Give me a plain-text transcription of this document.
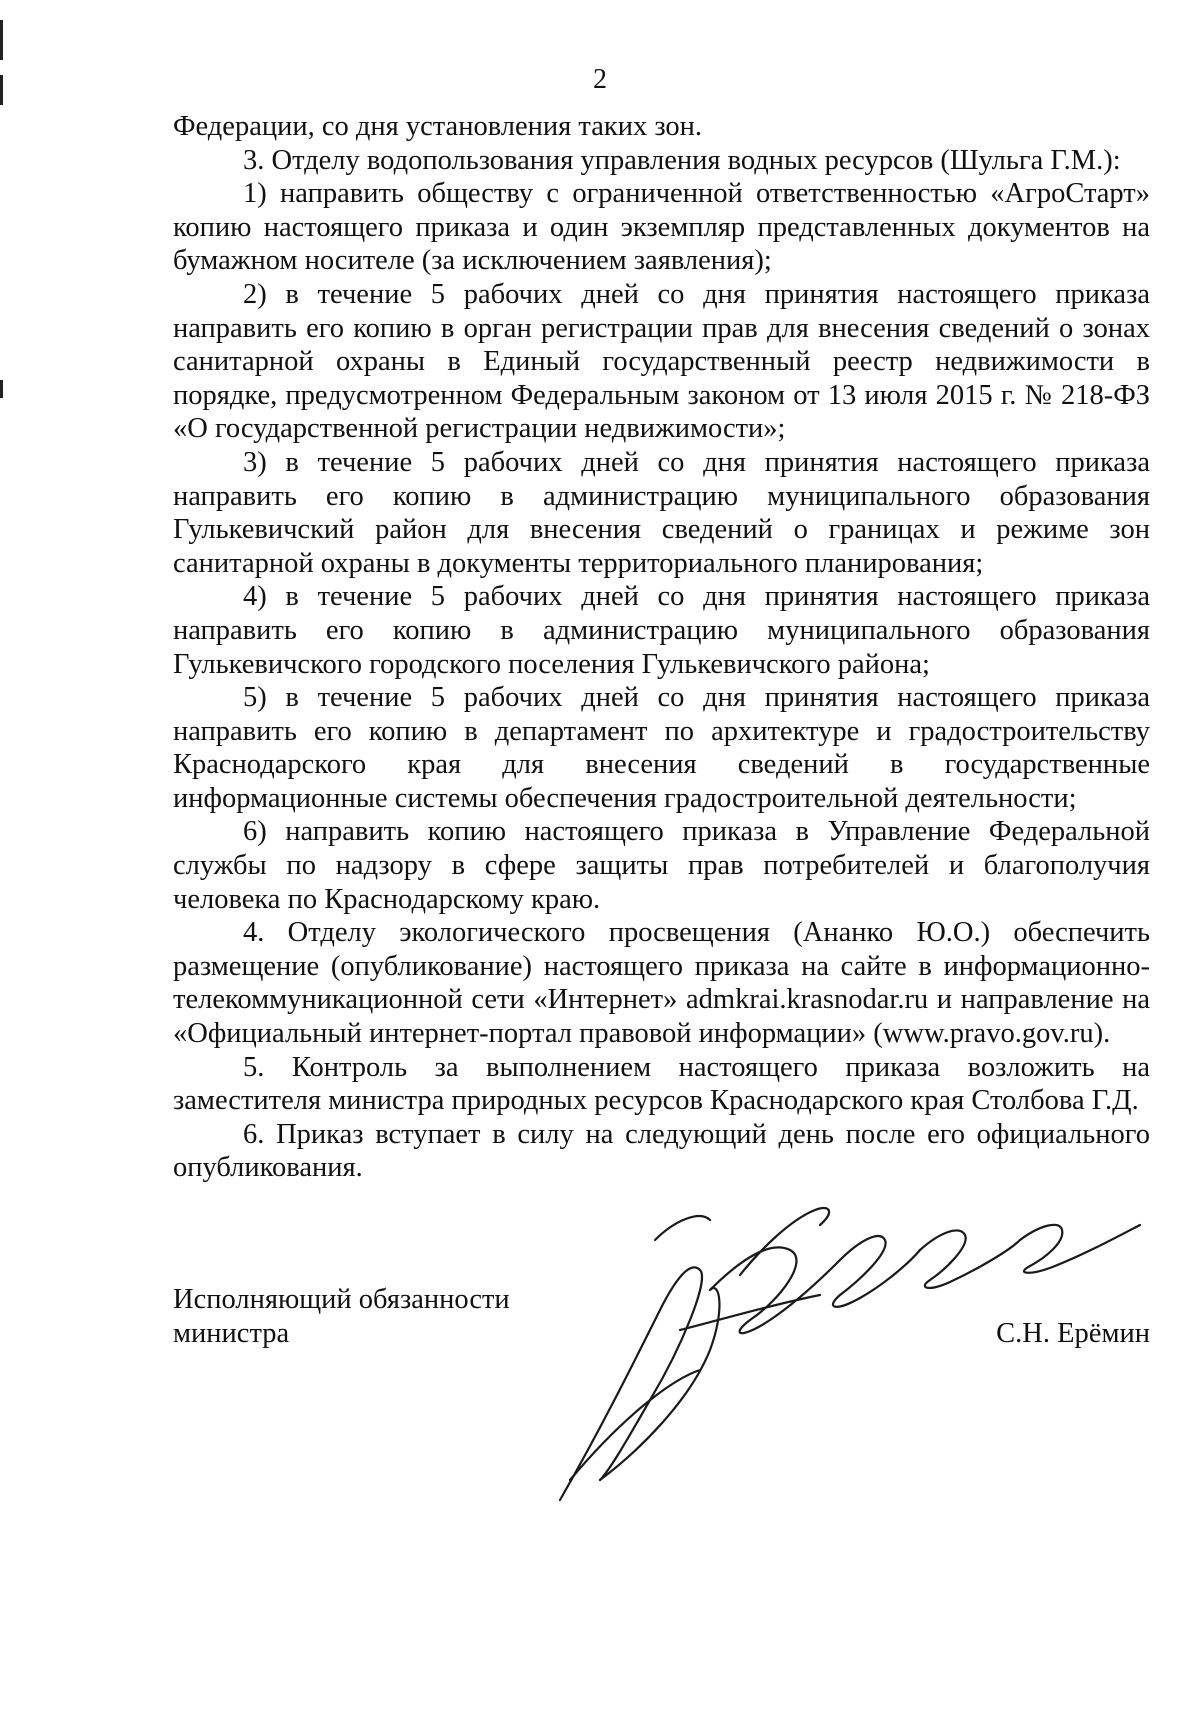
2

Федерации, со дня установления таких зон.

3. Отделу водопользования управления водных ресурсов (Шульга Г.М.):

1) направить обществу с ограниченной ответственностью «АгроСтарт» копию настоящего приказа и один экземпляр представленных документов на бумажном носителе (за исключением заявления);

2) в течение 5 рабочих дней со дня принятия настоящего приказа направить его копию в орган регистрации прав для внесения сведений о зонах санитарной охраны в Единый государственный реестр недвижимости в порядке, предусмотренном Федеральным законом от 13 июля 2015 г. № 218-ФЗ «О государственной регистрации недвижимости»;

3) в течение 5 рабочих дней со дня принятия настоящего приказа направить его копию в администрацию муниципального образования Гулькевичский район для внесения сведений о границах и режиме зон санитарной охраны в документы территориального планирования;

4) в течение 5 рабочих дней со дня принятия настоящего приказа направить его копию в администрацию муниципального образования Гулькевичского городского поселения Гулькевичского района;

5) в течение 5 рабочих дней со дня принятия настоящего приказа направить его копию в департамент по архитектуре и градостроительству Краснодарского края для внесения сведений в государственные информационные системы обеспечения градостроительной деятельности;

6) направить копию настоящего приказа в Управление Федеральной службы по надзору в сфере защиты прав потребителей и благополучия человека по Краснодарскому краю.

4. Отделу экологического просвещения (Ананко Ю.О.) обеспечить размещение (опубликование) настоящего приказа на сайте в информационно-телекоммуникационной сети «Интернет» admkrai.krasnodar.ru и направление на «Официальный интернет-портал правовой информации» (www.pravo.gov.ru).

5. Контроль за выполнением настоящего приказа возложить на заместителя министра природных ресурсов Краснодарского края Столбова Г.Д.

6. Приказ вступает в силу на следующий день после его официального опубликования.

Исполняющий обязанности
министра	С.Н. Ерёмин
